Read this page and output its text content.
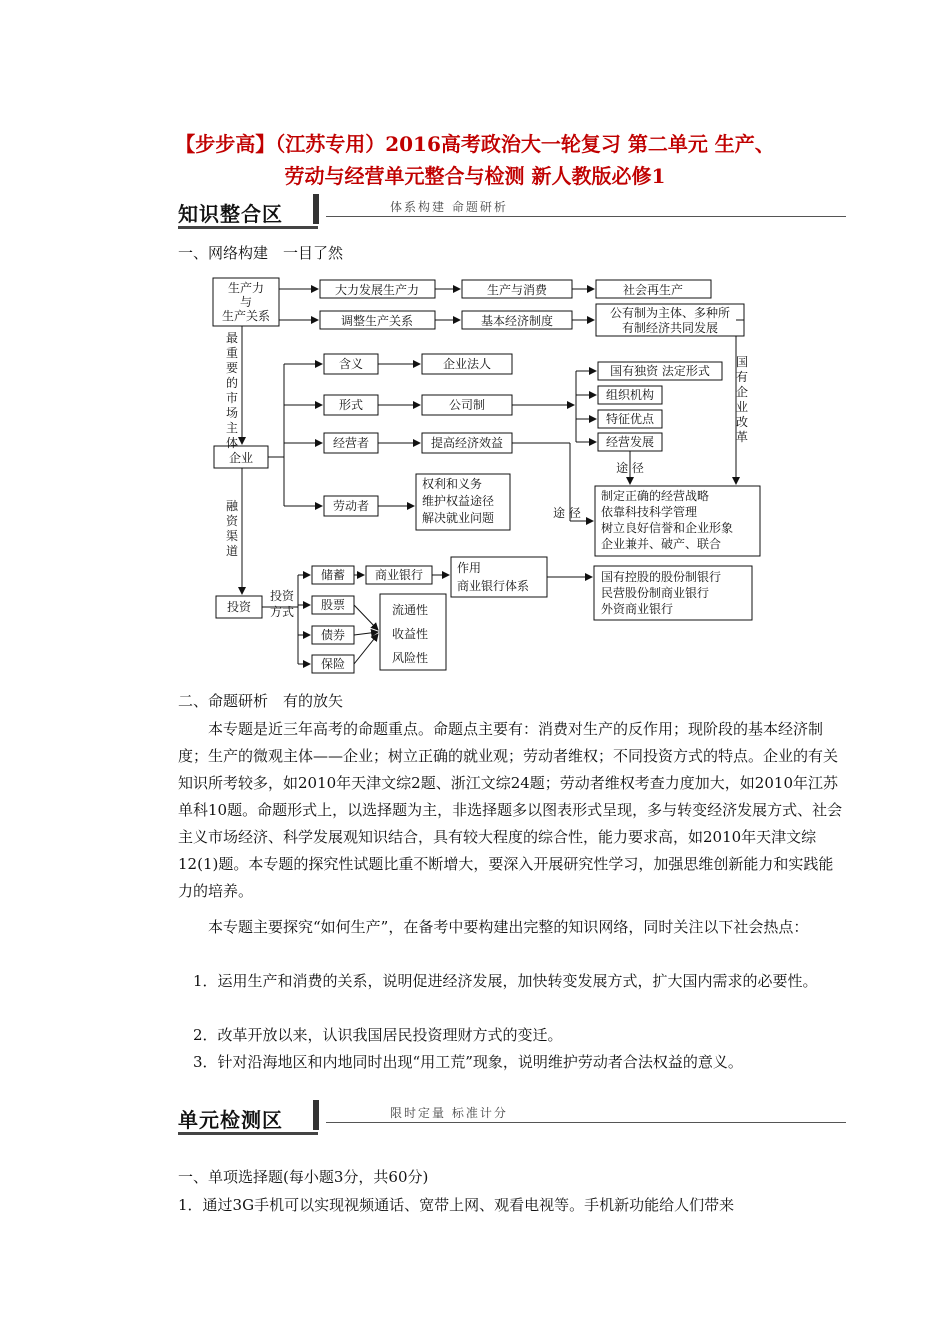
【步步高】（江苏专用）2016高考政治大一轮复习 第二单元 生产、
劳动与经营单元整合与检测 新人教版必修1
知识整合区	体系构建 命题研析
一、网络构建　一目了然
生产力
与
生产关系
大力发展生产力	生产与消费	社会再生产
调整生产关系	基本经济制度
公有制为主体、多种所
有制经济共同发展
企业
含义	企业法人
形式	公司制
国有独资 法定形式
组织机构
特征优点
经营发展
经营者	提高经济效益
途 径
劳动者
权利和义务
维护权益途径
解决就业问题	途 径
制定正确的经营战略
依靠科技科学管理
树立良好信誉和企业形象
企业兼并、破产、联合
投资
投资
方式
储蓄 商业银行	作用
商业银行体系
国有控股的股份制银行
民营股份制商业银行
外资商业银行
股票
债券
保险
流通性
收益性
风险性
最重要的市场主体
国有企业改革
融资渠道
二、命题研析　有的放矢
本专题是近三年高考的命题重点。命题点主要有：消费对生产的反作用；现阶段的基本经济制度；生产的微观主体——企业；树立正确的就业观；劳动者维权；不同投资方式的特点。企业的有关知识所考较多，如2010年天津文综2题、浙江文综24题；劳动者维权考查力度加大，如2010年江苏单科10题。命题形式上，以选择题为主，非选择题多以图表形式呈现，多与转变经济发展方式、社会主义市场经济、科学发展观知识结合，具有较大程度的综合性，能力要求高，如2010年天津文综12(1)题。本专题的探究性试题比重不断增大，要深入开展研究性学习，加强思维创新能力和实践能力的培养。
本专题主要探究“如何生产”，在备考中要构建出完整的知识网络，同时关注以下社会热点：
1．运用生产和消费的关系，说明促进经济发展，加快转变发展方式，扩大国内需求的必要性。
2．改革开放以来，认识我国居民投资理财方式的变迁。
3．针对沿海地区和内地同时出现“用工荒”现象，说明维护劳动者合法权益的意义。
单元检测区	限时定量 标准计分
一、单项选择题(每小题3分，共60分)
1．通过3G手机可以实现视频通话、宽带上网、观看电视等。手机新功能给人们带来
